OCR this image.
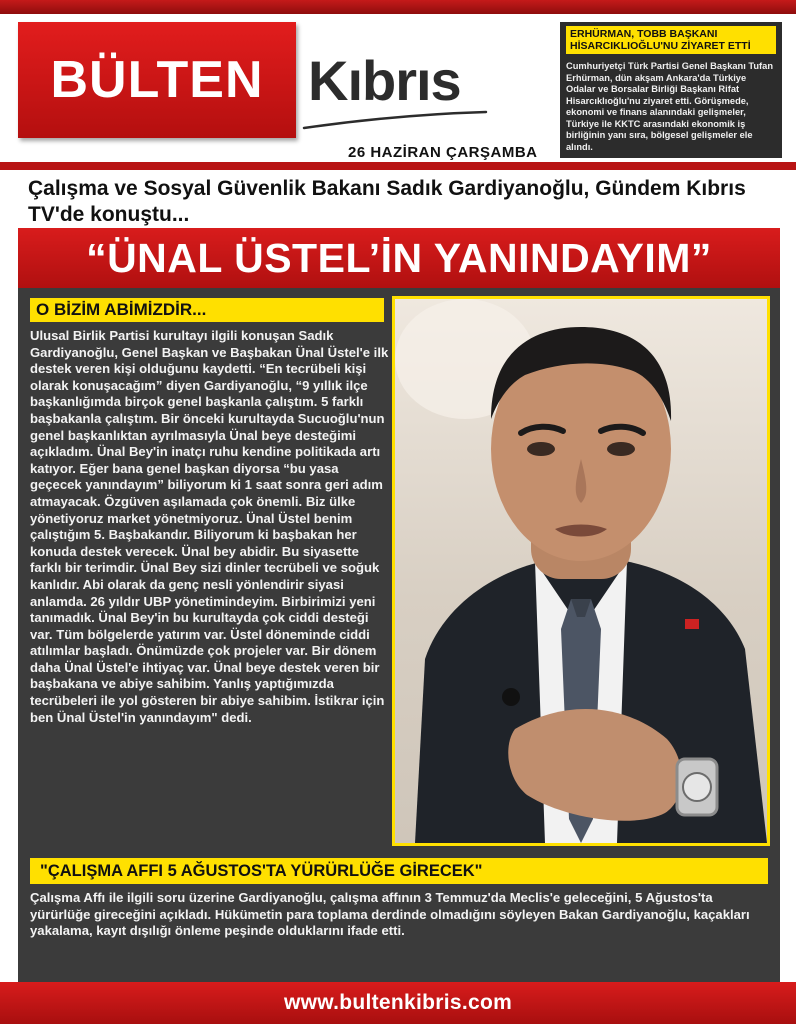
BÜLTEN Kıbrıs
26 HAZİRAN ÇARŞAMBA
ERHÜRMAN, TOBB BAŞKANI HİSARCIKLIOĞLU'NU ZİYARET ETTİ
Cumhuriyetçi Türk Partisi Genel Başkanı Tufan Erhürman, dün akşam Ankara'da Türkiye Odalar ve Borsalar Birliği Başkanı Rifat Hisarcıklıoğlu'nu ziyaret etti. Görüşmede, ekonomi ve finans alanındaki gelişmeler, Türkiye ile KKTC arasındaki ekonomik iş birliğinin yanı sıra, bölgesel gelişmeler ele alındı.
Çalışma ve Sosyal Güvenlik Bakanı Sadık Gardiyanoğlu, Gündem Kıbrıs TV'de konuştu...
“ÜNAL ÜSTEL’İN YANINDAYIM”
O BİZİM ABİMİZDİR...
Ulusal Birlik Partisi kurultayı ilgili konuşan Sadık Gardiyanoğlu, Genel Başkan ve Başbakan Ünal Üstel'e ilk destek veren kişi olduğunu kaydetti. “En tecrübeli kişi olarak konuşacağım” diyen Gardiyanoğlu, “9 yıllık ilçe başkanlığımda birçok genel başkanla çalıştım. 5 farklı başbakanla çalıştım. Bir önceki kurultayda Sucuoğlu'nun genel başkanlıktan ayrılmasıyla Ünal beye desteğimi açıkladım. Ünal Bey'in inatçı ruhu kendine politikada artı katıyor. Eğer bana genel başkan diyorsa “bu yasa geçecek yanındayım” biliyorum ki 1 saat sonra geri adım atmayacak. Özgüven aşılamada çok önemli. Biz ülke yönetiyoruz market yönetmiyoruz. Ünal Üstel benim çalıştığım 5. Başbakandır. Biliyorum ki başbakan her konuda destek verecek. Ünal bey abidir. Bu siyasette farklı bir terimdir. Ünal Bey sizi dinler tecrübeli ve soğuk kanlıdır. Abi olarak da genç nesli yönlendirir siyasi anlamda. 26 yıldır UBP yönetimindeyim. Birbirimizi yeni tanımadık. Ünal Bey'in bu kurultayda çok ciddi desteği var. Tüm bölgelerde yatırım var. Üstel döneminde ciddi atılımlar başladı. Önümüzde çok projeler var. Bir dönem daha Ünal Üstel'e ihtiyaç var. Ünal beye destek veren bir başbakana ve abiye sahibim. Yanlış yaptığımızda tecrübeleri ile yol gösteren bir abiye sahibim. İstikrar için ben Ünal Üstel'in yanındayım" dedi.
"ÇALIŞMA AFFI 5 AĞUSTOS'TA YÜRÜRLÜĞE GİRECEK"
Çalışma Affı ile ilgili soru üzerine Gardiyanoğlu, çalışma affının 3 Temmuz'da Meclis'e geleceğini, 5 Ağustos'ta yürürlüğe gireceğini açıkladı. Hükümetin para toplama derdinde olmadığını söyleyen Bakan Gardiyanoğlu, kaçakları yakalama, kayıt dışılığı önleme peşinde olduklarını ifade etti.
www.bultenkibris.com
